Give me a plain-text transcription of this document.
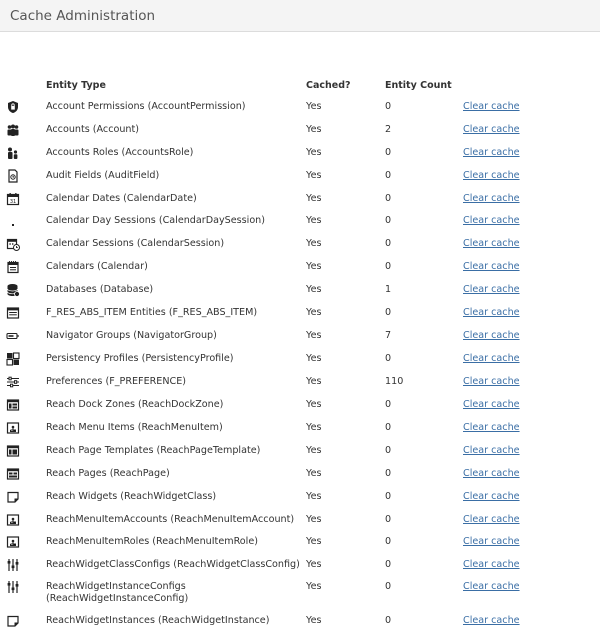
Cache Administration
Entity Type	Cached?	Entity Count
Account Permissions (AccountPermission)	Yes	0	Clear cache
Accounts (Account)	Yes	2	Clear cache
Accounts Roles (AccountsRole)	Yes	0	Clear cache
Audit Fields (AuditField)	Yes	0	Clear cache
31	Calendar Dates (CalendarDate)	Yes	0	Clear cache
Calendar Day Sessions (CalendarDaySession)	Yes	0	Clear cache
Calendar Sessions (CalendarSession)	Yes	0	Clear cache
Calendars (Calendar)	Yes	0	Clear cache
Databases (Database)	Yes	1	Clear cache
F_RES_ABS_ITEM Entities (F_RES_ABS_ITEM)	Yes	0	Clear cache
Navigator Groups (NavigatorGroup)	Yes	7	Clear cache
Persistency Profiles (PersistencyProfile)	Yes	0	Clear cache
Preferences (F_PREFERENCE)	Yes	110	Clear cache
Reach Dock Zones (ReachDockZone)	Yes	0	Clear cache
Reach Menu Items (ReachMenuItem)	Yes	0	Clear cache
Reach Page Templates (ReachPageTemplate)	Yes	0	Clear cache
Reach Pages (ReachPage)	Yes	0	Clear cache
Reach Widgets (ReachWidgetClass)	Yes	0	Clear cache
ReachMenuItemAccounts (ReachMenuItemAccount) Yes	0	Clear cache
ReachMenuItemRoles (ReachMenuItemRole)	Yes	0	Clear cache
ReachWidgetClassConfigs (ReachWidgetClassConfig) Yes	0	Clear cache
ReachWidgetInstanceConfigs (ReachWidgetInstanceConfig)
Yes	0	Clear cache
ReachWidgetInstances (ReachWidgetInstance)	Yes	0	Clear cache
